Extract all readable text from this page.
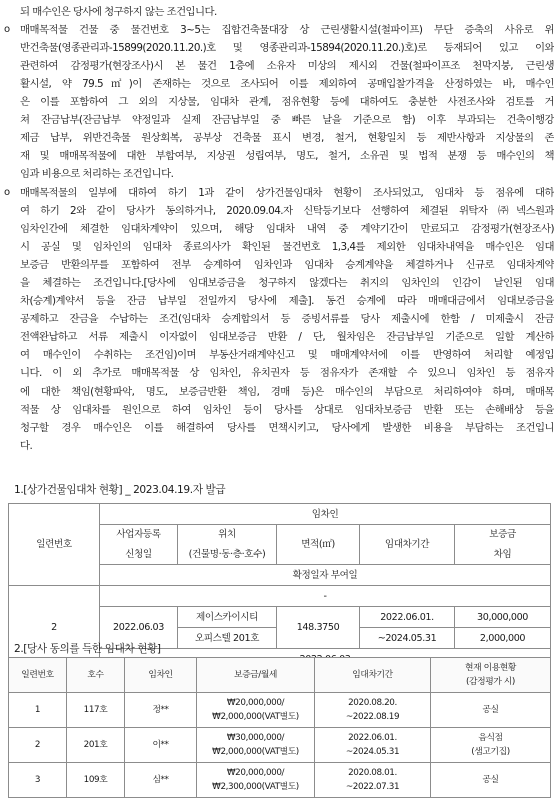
되 매수인은 당사에 청구하지 않는 조건입니다.
o 매매목적물 건물 중 물건번호 3~5는 집합건축물대장 상 근린생활시설(철파이프) 무단 증축의 사유로 위
반건축물(영종관리과-15899(2020.11.20.)호 및 영종관리과-15894(2020.11.20.)호)로 등재되어 있고 이와
관련하여 감정평가(현장조사)시 본 물건 1층에 소유자 미상의 제시외 건물(철파이프조 천막지붕, 근린생
활시설, 약 79.5㎡)이 존재하는 것으로 조사되어 이를 제외하여 공매입찰가격을 산정하였는 바, 매수인
은 이를 포함하여 그 외의 지상물, 임대차 관계, 점유현황 등에 대하여도 충분한 사전조사와 검토를 거
쳐 잔금납부(잔금납부 약정일과 실제 잔금납부일 중 빠른 날을 기준으로 함) 이후 부과되는 건축이행강
제금 납부, 위반건축물 원상회복, 공부상 건축물 표시 변경, 철거, 현황일치 등 제반사항과 지상물의 존
재 및 매매목적물에 대한 부합여부, 지상권 성립여부, 명도, 철거, 소유권 및 법적 분쟁 등 매수인의 책
임과 비용으로 처리하는 조건입니다.
o 매매목적물의 일부에 대하여 하기 1과 같이 상가건물임대차 현황이 조사되었고, 임대차 등 점유에 대하
여 하기 2와 같이 당사가 동의하거나, 2020.09.04.자 신탁등기보다 선행하여 체결된 위탁자 ㈜넥스원과
임차인간에 체결한 임대차계약이 있으며, 해당 임대차 내역 중 계약기간이 만료되고 감정평가(현장조사)
시 공실 및 임차인의 임대차 종료의사가 확인된 물건번호 1,3,4를 제외한 임대차내역을 매수인은 임대
보증금 반환의무를 포함하여 전부 승계하여 임차인과 임대차 승계계약을 체결하거나 신규로 임대차계약
을 체결하는 조건입니다.[당사에 임대보증금을 청구하지 않겠다는 취지의 임차인의 인감이 날인된 임대
차(승계)계약서 등을 잔금 납부일 전일까지 당사에 제출]. 동건 승계에 따라 매매대금에서 임대보증금을
공제하고 잔금을 수납하는 조건(임대차 승계합의서 등 증빙서류를 당사 제출시에 한함 / 미제출시 잔금
전액완납하고 서류 제출시 이자없이 임대보증금 반환 / 단, 월차임은 잔금납부일 기준으로 일할 계산하
여 매수인이 수취하는 조건임)이며 부동산거래계약신고 및 매매계약서에 이를 반영하여 처리할 예정입
니다. 이 외 추가로 매매목적물 상 임차인, 유치권자 등 점유자가 존재할 수 있으니 임차인 등 점유자
에 대한 책임(현황파악, 명도, 보증금반환 책임, 경매 등)은 매수인의 부담으로 처리하여야 하며, 매매목
적물 상 임대차를 원인으로 하여 임차인 등이 당사를 상대로 임대차보증금 반환 또는 손해배상 등을
청구할 경우 매수인은 이를 해결하여 당사를 면책시키고, 당사에게 발생한 비용을 부담하는 조건입니
다.
1.[상가건물임대차 현황] _ 2023.04.19.자 발급
일련번호	임차인				

	사업자등록
신청일	위치
(건물명·동·층·호수)	면적(㎡)	임대차기간	보증금
차임

	확정일자 부여일				
2	-				
	2022.06.03	제이스카이시티	148.3750	2022.06.01.	30,000,000
		오피스텔 201호		~2024.05.31	2,000,000

2.[당사 동의를 득한 임대차 현황]
일련번호	호수	임차인	보증금/월세	임대차기간	현재 이용현황
(감정평가 시)

1	117호	정**	₩20,000,000/
₩2,000,000(VAT별도)	2020.08.20.
~2022.08.19	공실

2	201호	이**	₩30,000,000/
₩2,000,000(VAT별도)	2022.06.01.
~2024.05.31	음식점
(샘고기집)

3	109호	심**	₩20,000,000/
₩2,300,000(VAT별도)	2020.08.01.
~2022.07.31	공실
